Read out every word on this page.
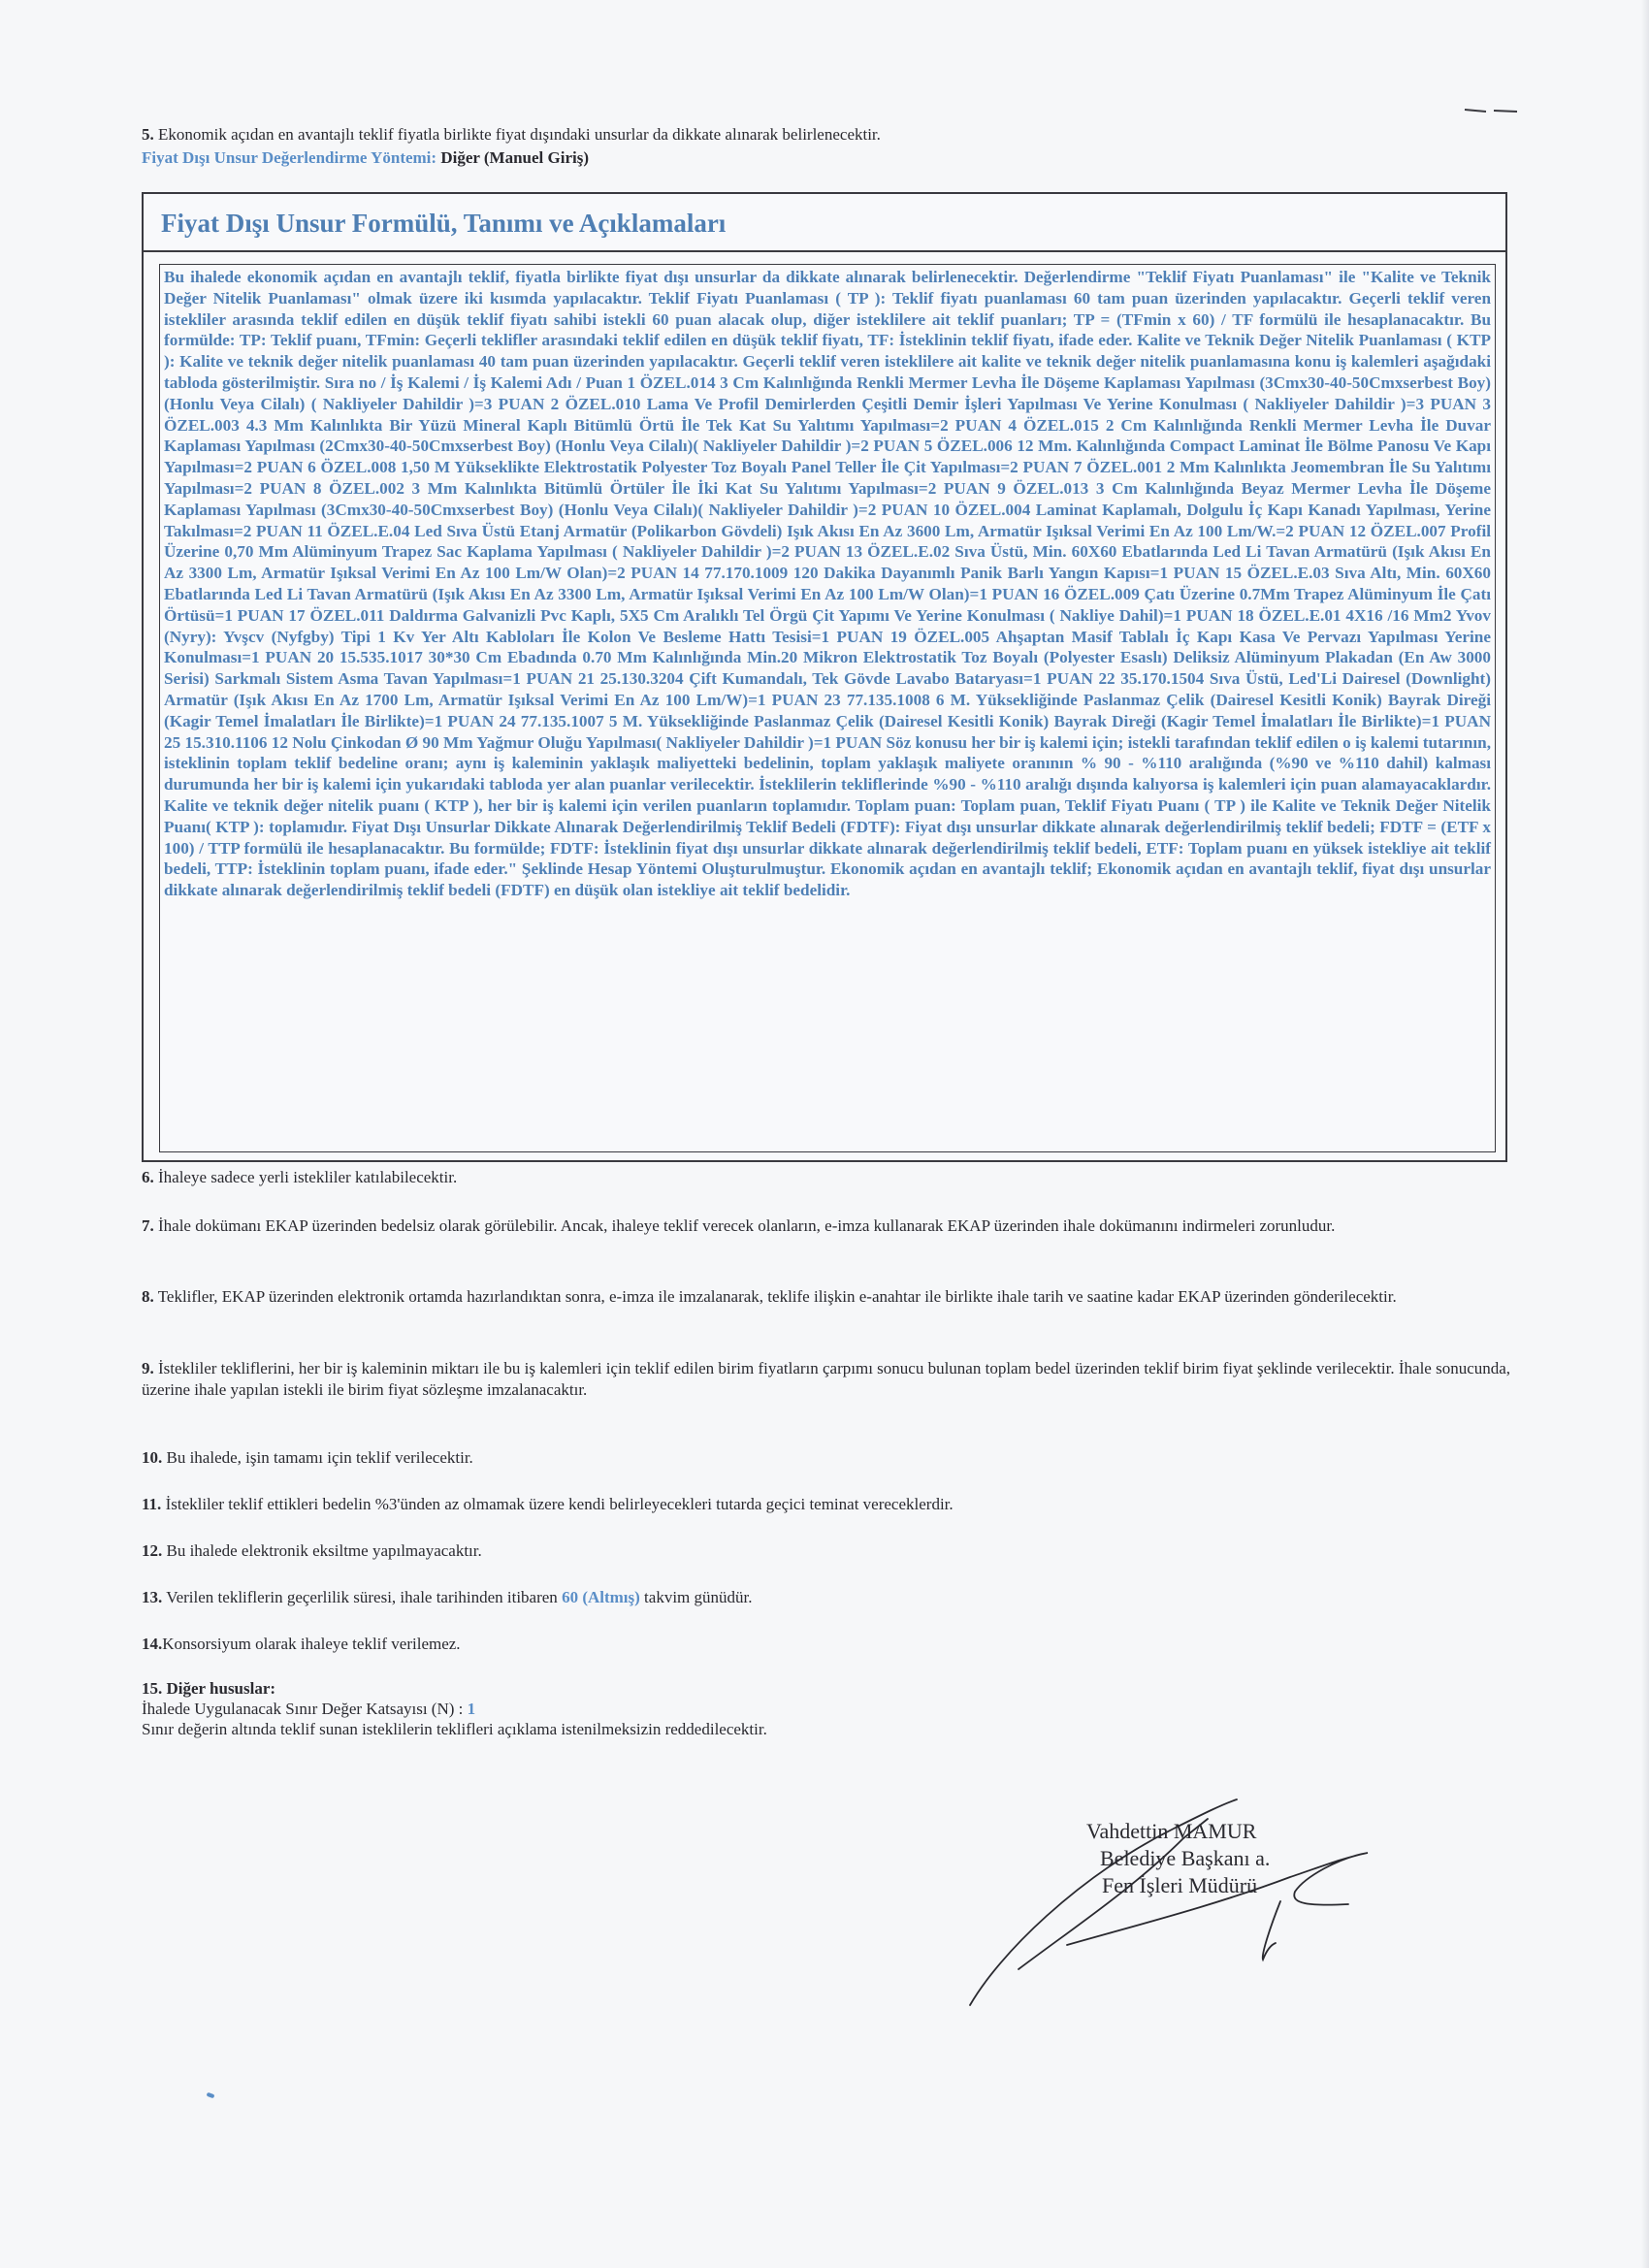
5. Ekonomik açıdan en avantajlı teklif fiyatla birlikte fiyat dışındaki unsurlar da dikkate alınarak belirlenecektir.
Fiyat Dışı Unsur Değerlendirme Yöntemi: Diğer (Manuel Giriş)
Fiyat Dışı Unsur Formülü, Tanımı ve Açıklamaları

Bu ihalede ekonomik açıdan en avantajlı teklif, fiyatla birlikte fiyat dışı unsurlar da dikkate alınarak belirlenecektir. Değerlendirme "Teklif Fiyatı Puanlaması" ile "Kalite ve Teknik Değer Nitelik Puanlaması" olmak üzere iki kısımda yapılacaktır. Teklif Fiyatı Puanlaması ( TP ): Teklif fiyatı puanlaması 60 tam puan üzerinden yapılacaktır. Geçerli teklif veren istekliler arasında teklif edilen en düşük teklif fiyatı sahibi istekli 60 puan alacak olup, diğer isteklilere ait teklif puanları; TP = (TFmin x 60) / TF formülü ile hesaplanacaktır. Bu formülde: TP: Teklif puanı, TFmin: Geçerli teklifler arasındaki teklif edilen en düşük teklif fiyatı, TF: İsteklinin teklif fiyatı, ifade eder. Kalite ve Teknik Değer Nitelik Puanlaması ( KTP ): Kalite ve teknik değer nitelik puanlaması 40 tam puan üzerinden yapılacaktır. Geçerli teklif veren isteklilere ait kalite ve teknik değer nitelik puanlamasına konu iş kalemleri aşağıdaki tabloda gösterilmiştir. Sıra no / İş Kalemi / İş Kalemi Adı / Puan 1 ÖZEL.014 3 Cm Kalınlığında Renkli Mermer Levha İle Döşeme Kaplaması Yapılması (3Cmx30-40-50Cmxserbest Boy) (Honlu Veya Cilalı) ( Nakliyeler Dahildir )=3 PUAN 2 ÖZEL.010 Lama Ve Profil Demirlerden Çeşitli Demir İşleri Yapılması Ve Yerine Konulması ( Nakliyeler Dahildir )=3 PUAN 3 ÖZEL.003 4.3 Mm Kalınlıkta Bir Yüzü Mineral Kaplı Bitümlü Örtü İle Tek Kat Su Yalıtımı Yapılması=2 PUAN 4 ÖZEL.015 2 Cm Kalınlığında Renkli Mermer Levha İle Duvar Kaplaması Yapılması (2Cmx30-40-50Cmxserbest Boy) (Honlu Veya Cilalı)( Nakliyeler Dahildir )=2 PUAN 5 ÖZEL.006 12 Mm. Kalınlığında Compact Laminat İle Bölme Panosu Ve Kapı Yapılması=2 PUAN 6 ÖZEL.008 1,50 M Yükseklikte Elektrostatik Polyester Toz Boyalı Panel Teller İle Çit Yapılması=2 PUAN 7 ÖZEL.001 2 Mm Kalınlıkta Jeomembran İle Su Yalıtımı Yapılması=2 PUAN 8 ÖZEL.002 3 Mm Kalınlıkta Bitümlü Örtüler İle İki Kat Su Yalıtımı Yapılması=2 PUAN 9 ÖZEL.013 3 Cm Kalınlığında Beyaz Mermer Levha İle Döşeme Kaplaması Yapılması (3Cmx30-40-50Cmxserbest Boy) (Honlu Veya Cilalı)( Nakliyeler Dahildir )=2 PUAN 10 ÖZEL.004 Laminat Kaplamalı, Dolgulu İç Kapı Kanadı Yapılması, Yerine Takılması=2 PUAN 11 ÖZEL.E.04 Led Sıva Üstü Etanj Armatür (Polikarbon Gövdeli) Işık Akısı En Az 3600 Lm, Armatür Işıksal Verimi En Az 100 Lm/W.=2 PUAN 12 ÖZEL.007 Profil Üzerine 0,70 Mm Alüminyum Trapez Sac Kaplama Yapılması ( Nakliyeler Dahildir )=2 PUAN 13 ÖZEL.E.02 Sıva Üstü, Min. 60X60 Ebatlarında Led Li Tavan Armatürü (Işık Akısı En Az 3300 Lm, Armatür Işıksal Verimi En Az 100 Lm/W Olan)=2 PUAN 14 77.170.1009 120 Dakika Dayanımlı Panik Barlı Yangın Kapısı=1 PUAN 15 ÖZEL.E.03 Sıva Altı, Min. 60X60 Ebatlarında Led Li Tavan Armatürü (Işık Akısı En Az 3300 Lm, Armatür Işıksal Verimi En Az 100 Lm/W Olan)=1 PUAN 16 ÖZEL.009 Çatı Üzerine 0.7Mm Trapez Alüminyum İle Çatı Örtüsü=1 PUAN 17 ÖZEL.011 Daldırma Galvanizli Pvc Kaplı, 5X5 Cm Aralıklı Tel Örgü Çit Yapımı Ve Yerine Konulması ( Nakliye Dahil)=1 PUAN 18 ÖZEL.E.01 4X16 /16 Mm2 Yvov (Nyry): Yvşcv (Nyfgby) Tipi 1 Kv Yer Altı Kabloları İle Kolon Ve Besleme Hattı Tesisi=1 PUAN 19 ÖZEL.005 Ahşaptan Masif Tablalı İç Kapı Kasa Ve Pervazı Yapılması Yerine Konulması=1 PUAN 20 15.535.1017 30*30 Cm Ebadında 0.70 Mm Kalınlığında Min.20 Mikron Elektrostatik Toz Boyalı (Polyester Esaslı) Deliksiz Alüminyum Plakadan (En Aw 3000 Serisi) Sarkmalı Sistem Asma Tavan Yapılması=1 PUAN 21 25.130.3204 Çift Kumandalı, Tek Gövde Lavabo Bataryası=1 PUAN 22 35.170.1504 Sıva Üstü, Led'Li Dairesel (Downlight) Armatür (Işık Akısı En Az 1700 Lm, Armatür Işıksal Verimi En Az 100 Lm/W)=1 PUAN 23 77.135.1008 6 M. Yüksekliğinde Paslanmaz Çelik (Dairesel Kesitli Konik) Bayrak Direği (Kagir Temel İmalatları İle Birlikte)=1 PUAN 24 77.135.1007 5 M. Yüksekliğinde Paslanmaz Çelik (Dairesel Kesitli Konik) Bayrak Direği (Kagir Temel İmalatları İle Birlikte)=1 PUAN 25 15.310.1106 12 Nolu Çinkodan Ø 90 Mm Yağmur Oluğu Yapılması( Nakliyeler Dahildir )=1 PUAN Söz konusu her bir iş kalemi için; istekli tarafından teklif edilen o iş kalemi tutarının, isteklinin toplam teklif bedeline oranı; aynı iş kaleminin yaklaşık maliyetteki bedelinin, toplam yaklaşık maliyete oranının % 90 - %110 aralığında (%90 ve %110 dahil) kalması durumunda her bir iş kalemi için yukarıdaki tabloda yer alan puanlar verilecektir. İsteklilerin tekliflerinde %90 - %110 aralığı dışında kalıyorsa iş kalemleri için puan alamayacaklardır. Kalite ve teknik değer nitelik puanı ( KTP ), her bir iş kalemi için verilen puanların toplamıdır. Toplam puan: Toplam puan, Teklif Fiyatı Puanı ( TP ) ile Kalite ve Teknik Değer Nitelik Puanı( KTP ): toplamıdır. Fiyat Dışı Unsurlar Dikkate Alınarak Değerlendirilmiş Teklif Bedeli (FDTF): Fiyat dışı unsurlar dikkate alınarak değerlendirilmiş teklif bedeli; FDTF = (ETF x 100) / TTP formülü ile hesaplanacaktır. Bu formülde; FDTF: İsteklinin fiyat dışı unsurlar dikkate alınarak değerlendirilmiş teklif bedeli, ETF: Toplam puanı en yüksek istekliye ait teklif bedeli, TTP: İsteklinin toplam puanı, ifade eder." Şeklinde Hesap Yöntemi Oluşturulmuştur. Ekonomik açıdan en avantajlı teklif; Ekonomik açıdan en avantajlı teklif, fiyat dışı unsurlar dikkate alınarak değerlendirilmiş teklif bedeli (FDTF) en düşük olan istekliye ait teklif bedelidir.

6. İhaleye sadece yerli istekliler katılabilecektir.
7. İhale dokümanı EKAP üzerinden bedelsiz olarak görülebilir. Ancak, ihaleye teklif verecek olanların, e-imza kullanarak EKAP üzerinden ihale dokümanını indirmeleri zorunludur.
8. Teklifler, EKAP üzerinden elektronik ortamda hazırlandıktan sonra, e-imza ile imzalanarak, teklife ilişkin e-anahtar ile birlikte ihale tarih ve saatine kadar EKAP üzerinden gönderilecektir.
9. İstekliler tekliflerini, her bir iş kaleminin miktarı ile bu iş kalemleri için teklif edilen birim fiyatların çarpımı sonucu bulunan toplam bedel üzerinden teklif birim fiyat şeklinde verilecektir. İhale sonucunda, üzerine ihale yapılan istekli ile birim fiyat sözleşme imzalanacaktır.
10. Bu ihalede, işin tamamı için teklif verilecektir.
11. İstekliler teklif ettikleri bedelin %3'ünden az olmamak üzere kendi belirleyecekleri tutarda geçici teminat vereceklerdir.
12. Bu ihalede elektronik eksiltme yapılmayacaktır.
13. Verilen tekliflerin geçerlilik süresi, ihale tarihinden itibaren 60 (Altmış) takvim günüdür.
14.Konsorsiyum olarak ihaleye teklif verilemez.
15. Diğer hususlar:
İhalede Uygulanacak Sınır Değer Katsayısı (N) : 1
Sınır değerin altında teklif sunan isteklilerin teklifleri açıklama istenilmeksizin reddedilecektir.
Vahdettin MAMUR
Belediye Başkanı a.
Fen İşleri Müdürü
